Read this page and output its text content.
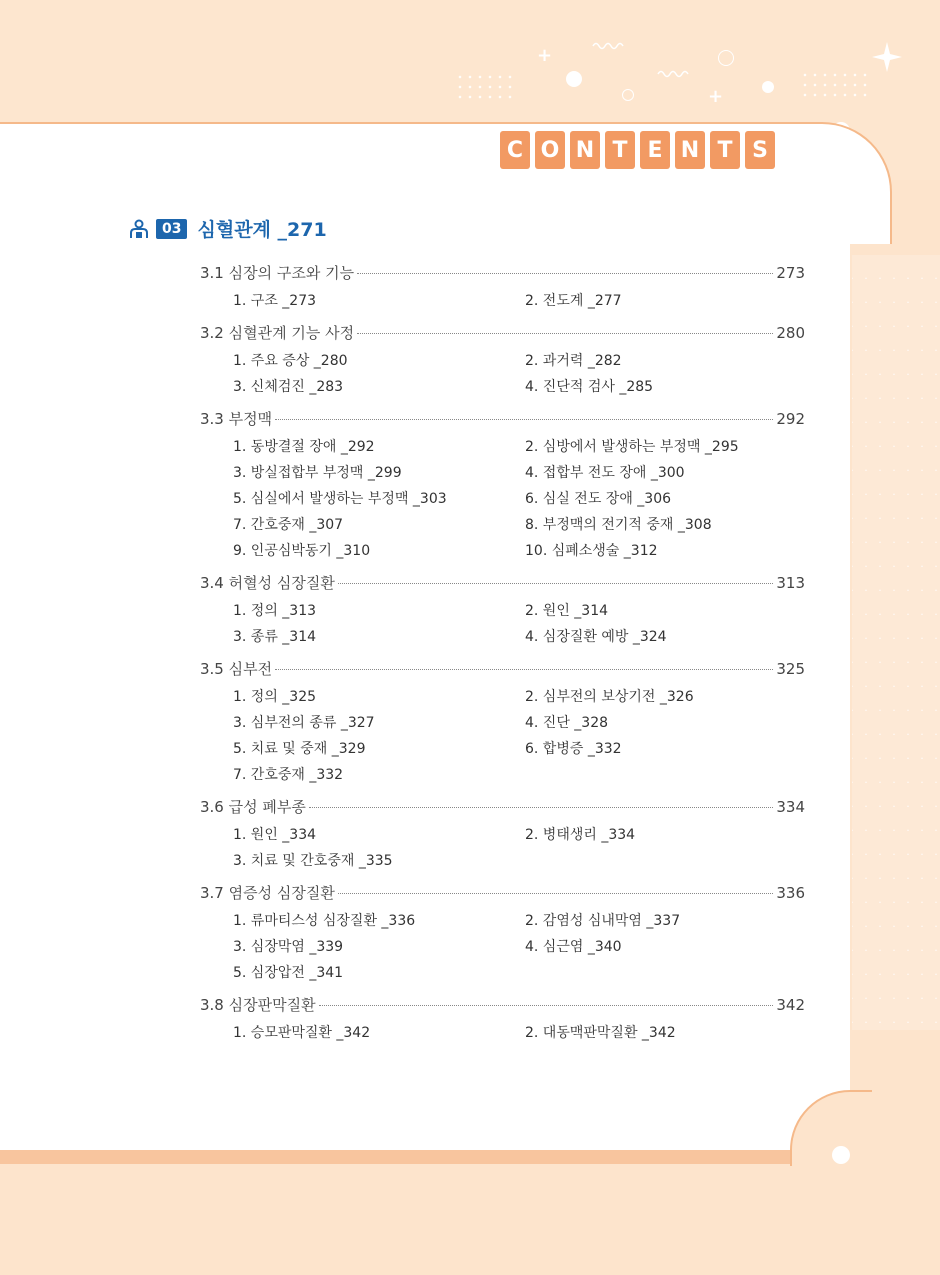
+
+
C O N T E N T S
03 심혈관계 _271
3.1 심장의 구조와 기능	273
1. 구조 _273	2. 전도계 _277
3.2 심혈관계 기능 사정	280
1. 주요 증상 _280	2. 과거력 _282
3. 신체검진 _283	4. 진단적 검사 _285
3.3 부정맥	292
1. 동방결절 장애 _292	2. 심방에서 발생하는 부정맥 _295
3. 방실접합부 부정맥 _299	4. 접합부 전도 장애 _300
5. 심실에서 발생하는 부정맥 _303	6. 심실 전도 장애 _306
7. 간호중재 _307	8. 부정맥의 전기적 중재 _308
9. 인공심박동기 _310	10. 심폐소생술 _312
3.4 허혈성 심장질환	313
1. 정의 _313	2. 원인 _314
3. 종류 _314	4. 심장질환 예방 _324
3.5 심부전	325
1. 정의 _325	2. 심부전의 보상기전 _326
3. 심부전의 종류 _327	4. 진단 _328
5. 치료 및 중재 _329	6. 합병증 _332
7. 간호중재 _332
3.6 급성 폐부종	334
1. 원인 _334	2. 병태생리 _334
3. 치료 및 간호중재 _335
3.7 염증성 심장질환	336
1. 류마티스성 심장질환 _336	2. 감염성 심내막염 _337
3. 심장막염 _339	4. 심근염 _340
5. 심장압전 _341
3.8 심장판막질환	342
1. 승모판막질환 _342	2. 대동맥판막질환 _342
